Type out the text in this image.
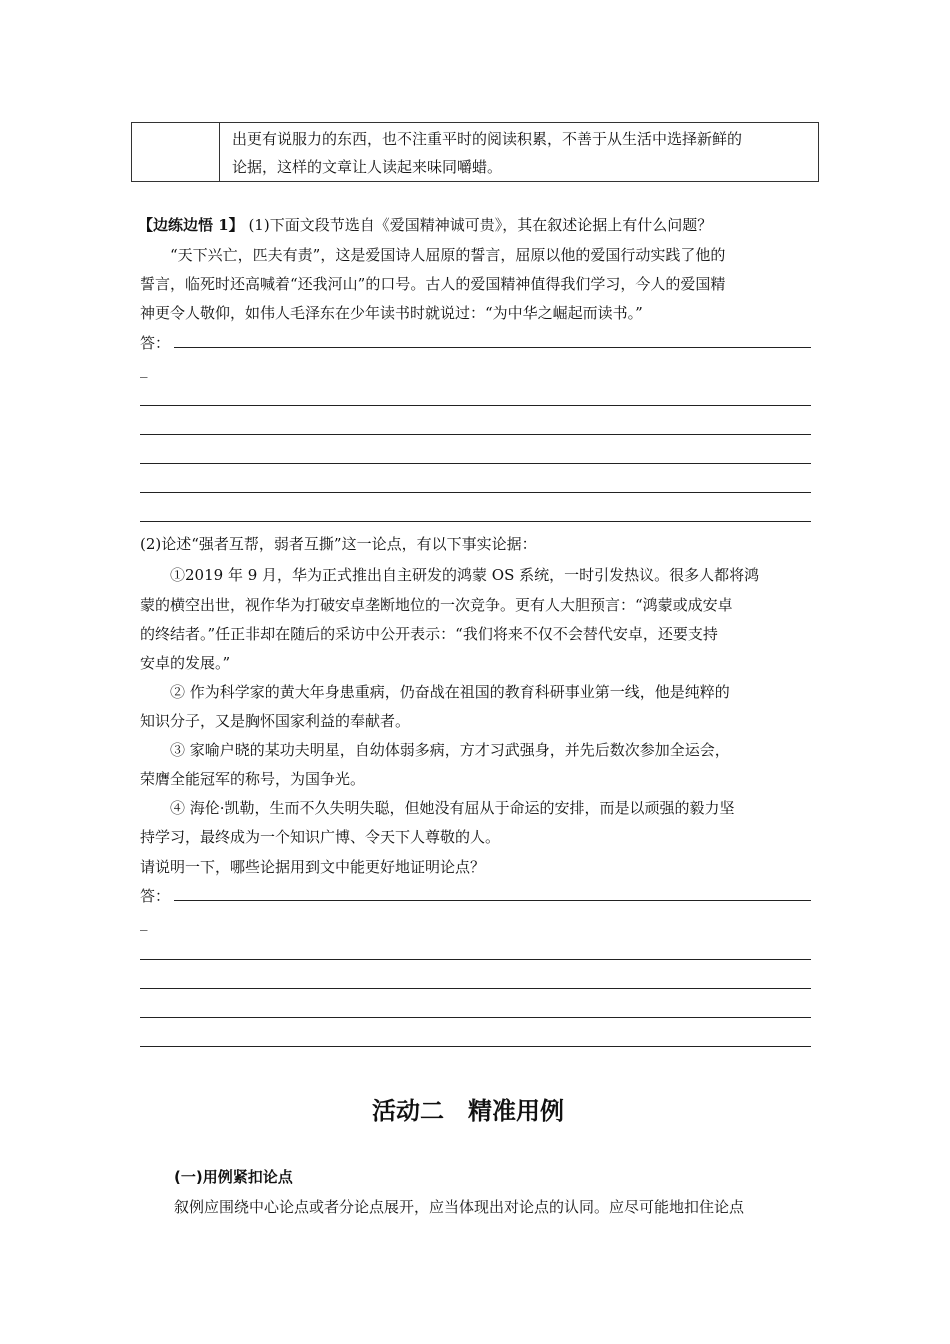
出更有说服力的东西，也不注重平时的阅读积累，不善于从生活中选择新鲜的
论据，这样的文章让人读起来味同嚼蜡。
【边练边悟 1】 (1)下面文段节选自《爱国精神诚可贵》，其在叙述论据上有什么问题？
“天下兴亡，匹夫有责”，这是爱国诗人屈原的誓言，屈原以他的爱国行动实践了他的
誓言，临死时还高喊着“还我河山”的口号。古人的爱国精神值得我们学习，今人的爱国精
神更令人敬仰，如伟人毛泽东在少年读书时就说过：“为中华之崛起而读书。”
答：
_
(2)论述“强者互帮，弱者互撕”这一论点，有以下事实论据：
①2019 年 9 月，华为正式推出自主研发的鸿蒙 OS 系统，一时引发热议。很多人都将鸿
蒙的横空出世，视作华为打破安卓垄断地位的一次竞争。更有人大胆预言：“鸿蒙或成安卓
的终结者。”任正非却在随后的采访中公开表示：“我们将来不仅不会替代安卓，还要支持
安卓的发展。”
② 作为科学家的黄大年身患重病，仍奋战在祖国的教育科研事业第一线，他是纯粹的
知识分子，又是胸怀国家利益的奉献者。
③ 家喻户晓的某功夫明星，自幼体弱多病，方才习武强身，并先后数次参加全运会，
荣膺全能冠军的称号，为国争光。
④ 海伦·凯勒，生而不久失明失聪，但她没有屈从于命运的安排，而是以顽强的毅力坚
持学习，最终成为一个知识广博、令天下人尊敬的人。
请说明一下，哪些论据用到文中能更好地证明论点？
答：
_
活动二　精准用例
(一)用例紧扣论点
叙例应围绕中心论点或者分论点展开，应当体现出对论点的认同。应尽可能地扣住论点
